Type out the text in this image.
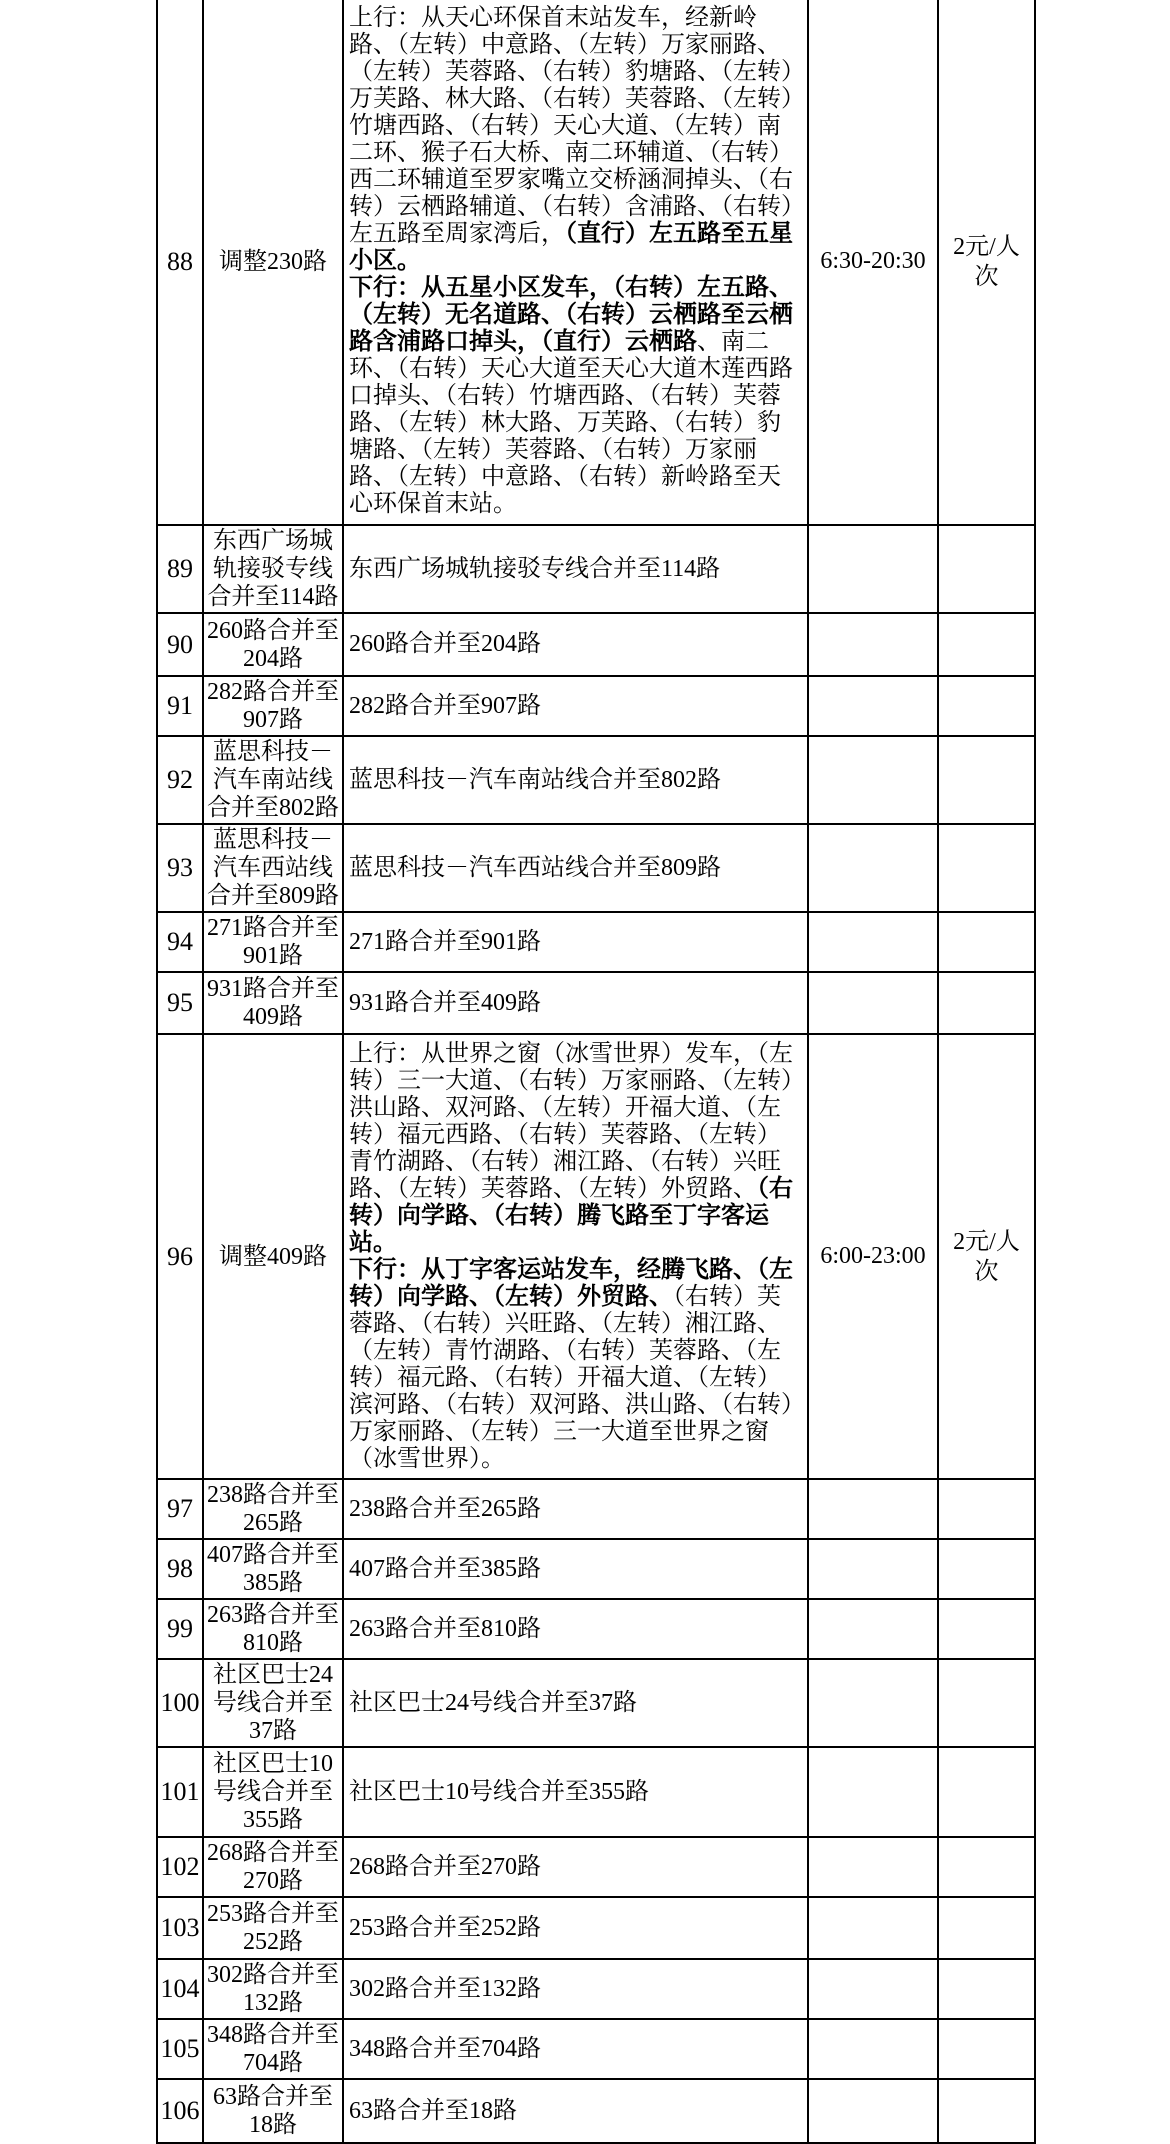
88	调整230路	上行：从天心环保首末站发车，经新岭路、（左转）中意路、（左转）万家丽路、（左转）芙蓉路、（右转）豹塘路、（左转）万芙路、林大路、（右转）芙蓉路、（左转）竹塘西路、（右转）天心大道、（左转）南二环、猴子石大桥、南二环辅道、（右转）西二环辅道至罗家嘴立交桥涵洞掉头、（右转）云栖路辅道、（右转）含浦路、（右转）左五路至周家湾后，（直行）左五路至五星小区。
下行：从五星小区发车，（右转）左五路、（左转）无名道路、（右转）云栖路至云栖路含浦路口掉头，（直行）云栖路、南二环、（右转）天心大道至天心大道木莲西路口掉头、（右转）竹塘西路、（右转）芙蓉路、（左转）林大路、万芙路、（右转）豹塘路、（左转）芙蓉路、（右转）万家丽路、（左转）中意路、（右转）新岭路至天心环保首末站。	6:30-20:30	2元/人次
89	东西广场城轨接驳专线合并至114路	东西广场城轨接驳专线合并至114路		
90	260路合并至204路	260路合并至204路		
91	282路合并至907路	282路合并至907路		
92	蓝思科技－汽车南站线合并至802路	蓝思科技－汽车南站线合并至802路		
93	蓝思科技－汽车西站线合并至809路	蓝思科技－汽车西站线合并至809路		
94	271路合并至901路	271路合并至901路		
95	931路合并至409路	931路合并至409路		
96	调整409路	上行：从世界之窗（冰雪世界）发车，（左转）三一大道、（右转）万家丽路、（左转）洪山路、双河路、（左转）开福大道、（左转）福元西路、（右转）芙蓉路、（左转）青竹湖路、（右转）湘江路、（右转）兴旺路、（左转）芙蓉路、（左转）外贸路、（右转）向学路、（右转）腾飞路至丁字客运站。
下行：从丁字客运站发车，经腾飞路、（左转）向学路、（左转）外贸路、（右转）芙蓉路、（右转）兴旺路、（左转）湘江路、（左转）青竹湖路、（右转）芙蓉路、（左转）福元路、（右转）开福大道、（左转）滨河路、（右转）双河路、洪山路、（右转）万家丽路、（左转）三一大道至世界之窗（冰雪世界）。	6:00-23:00	2元/人次
97	238路合并至265路	238路合并至265路		
98	407路合并至385路	407路合并至385路		
99	263路合并至810路	263路合并至810路		
100	社区巴士24号线合并至37路	社区巴士24号线合并至37路		
101	社区巴士10号线合并至355路	社区巴士10号线合并至355路		
102	268路合并至270路	268路合并至270路		
103	253路合并至252路	253路合并至252路		
104	302路合并至132路	302路合并至132路		
105	348路合并至704路	348路合并至704路		
106	63路合并至18路	63路合并至18路		
